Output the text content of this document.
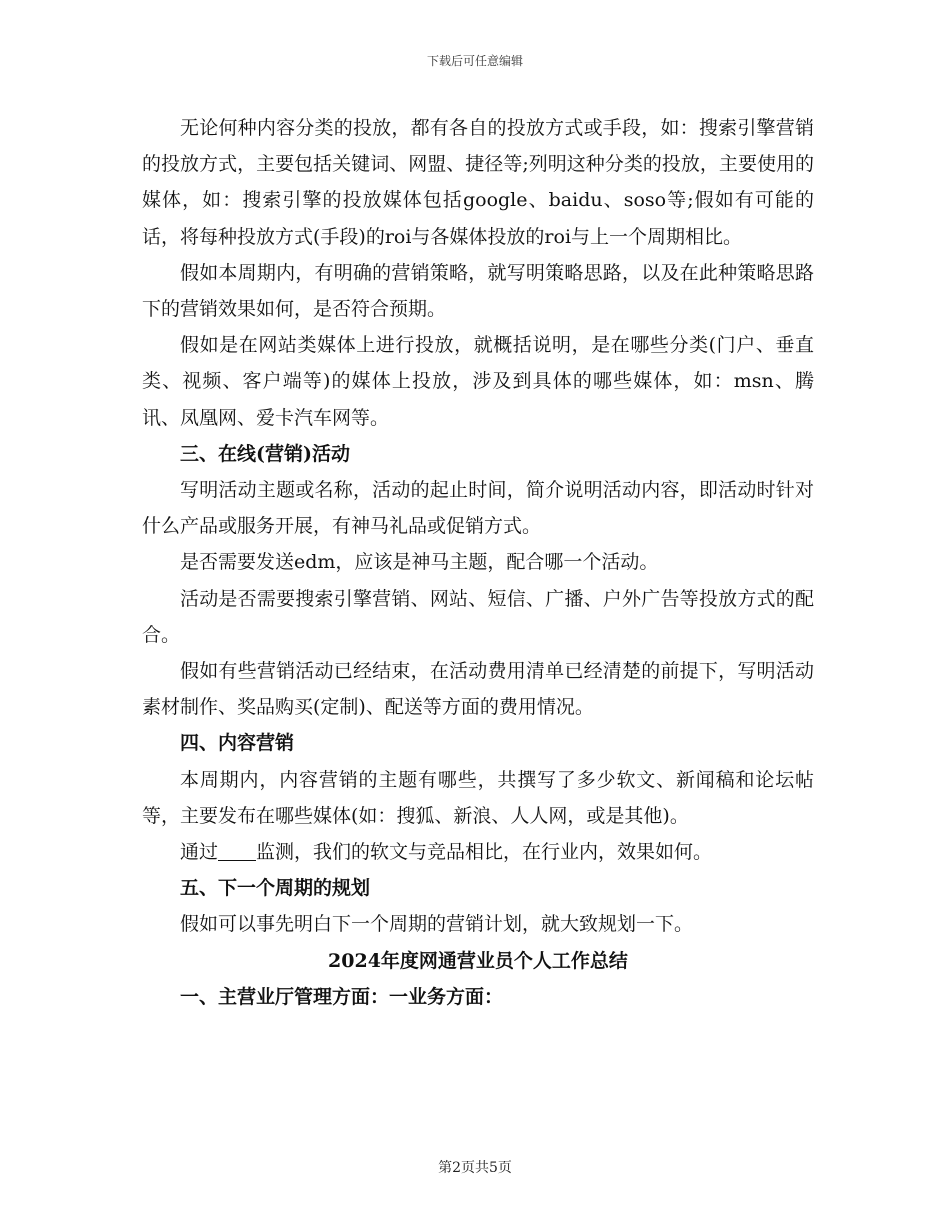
下载后可任意编辑

无论何种内容分类的投放，都有各自的投放方式或手段，如：搜索引擎营销的投放方式，主要包括关键词、网盟、捷径等;列明这种分类的投放，主要使用的媒体，如：搜索引擎的投放媒体包括google、baidu、soso等;假如有可能的话，将每种投放方式(手段)的roi与各媒体投放的roi与上一个周期相比。

假如本周期内，有明确的营销策略，就写明策略思路，以及在此种策略思路下的营销效果如何，是否符合预期。

假如是在网站类媒体上进行投放，就概括说明，是在哪些分类(门户、垂直类、视频、客户端等)的媒体上投放，涉及到具体的哪些媒体，如：msn、腾讯、凤凰网、爱卡汽车网等。

三、在线(营销)活动

写明活动主题或名称，活动的起止时间，简介说明活动内容，即活动时针对什么产品或服务开展，有神马礼品或促销方式。

是否需要发送edm，应该是神马主题，配合哪一个活动。

活动是否需要搜索引擎营销、网站、短信、广播、户外广告等投放方式的配合。

假如有些营销活动已经结束，在活动费用清单已经清楚的前提下，写明活动素材制作、奖品购买(定制)、配送等方面的费用情况。

四、内容营销

本周期内，内容营销的主题有哪些，共撰写了多少软文、新闻稿和论坛帖等，主要发布在哪些媒体(如：搜狐、新浪、人人网，或是其他)。

通过 监测，我们的软文与竞品相比，在行业内，效果如何。

五、下一个周期的规划

假如可以事先明白下一个周期的营销计划，就大致规划一下。

2024年度网通营业员个人工作总结

一、主营业厅管理方面：一业务方面：

第2页共5页
